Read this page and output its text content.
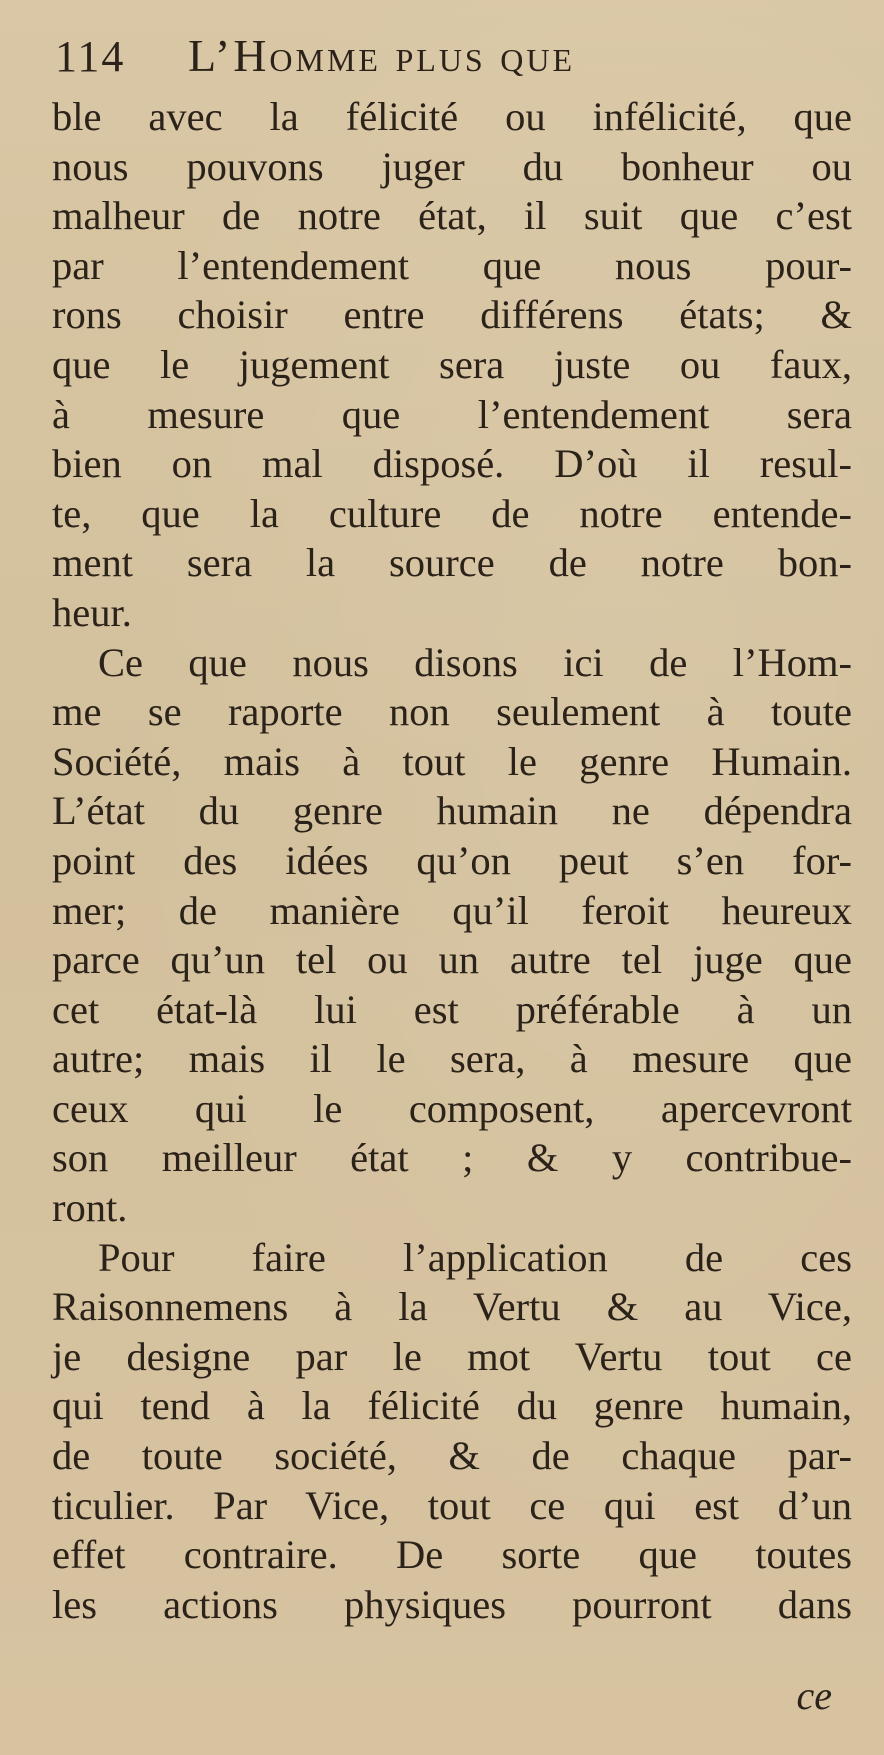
114 L’Homme plus que
ble avec la félicité ou infélicité, que
nous pouvons juger du bonheur ou
malheur de notre état, il suit que c’est
par l’entendement que nous pour-
rons choisir entre différens états; &
que le jugement sera juste ou faux,
à mesure que l’entendement sera
bien on mal disposé. D’où il resul-
te, que la culture de notre entende-
ment sera la source de notre bon-
heur.
Ce que nous disons ici de l’Hom-
me se raporte non seulement à toute
Société, mais à tout le genre Humain.
L’état du genre humain ne dépendra
point des idées qu’on peut s’en for-
mer; de manière qu’il feroit heureux
parce qu’un tel ou un autre tel juge que
cet état-là lui est préférable à un
autre; mais il le sera, à mesure que
ceux qui le composent, apercevront
son meilleur état ; & y contribue-
ront.
Pour faire l’application de ces
Raisonnemens à la Vertu & au Vice,
je designe par le mot Vertu tout ce
qui tend à la félicité du genre humain,
de toute société, & de chaque par-
ticulier. Par Vice, tout ce qui est d’un
effet contraire. De sorte que toutes
les actions physiques pourront dans
ce
